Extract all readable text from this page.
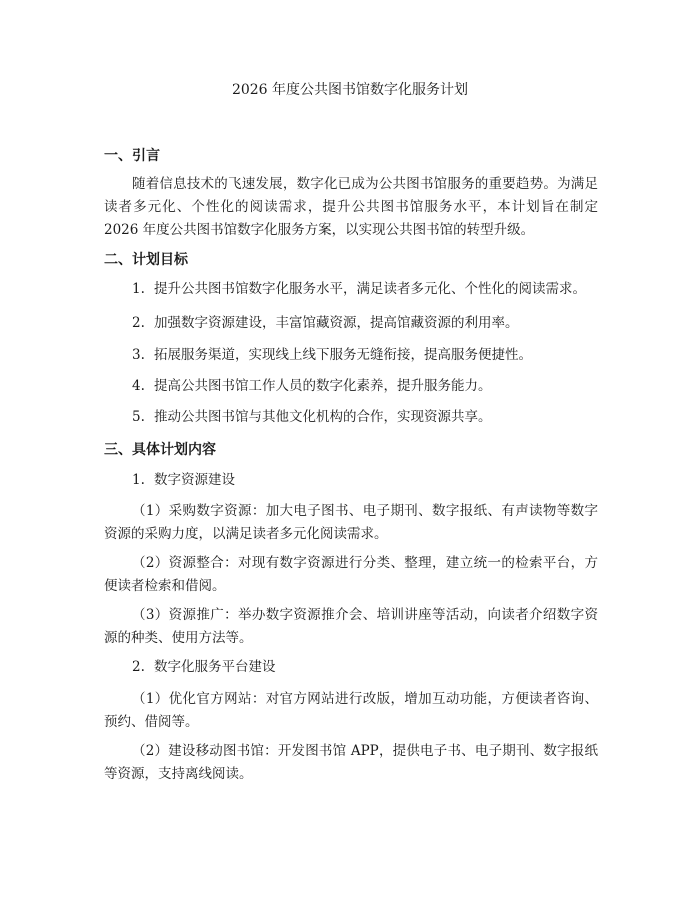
2026 年度公共图书馆数字化服务计划
一、引言
随着信息技术的飞速发展，数字化已成为公共图书馆服务的重要趋势。为满足读者多元化、个性化的阅读需求，提升公共图书馆服务水平，本计划旨在制定 2026 年度公共图书馆数字化服务方案，以实现公共图书馆的转型升级。
二、计划目标
1. 提升公共图书馆数字化服务水平，满足读者多元化、个性化的阅读需求。
2. 加强数字资源建设，丰富馆藏资源，提高馆藏资源的利用率。
3. 拓展服务渠道，实现线上线下服务无缝衔接，提高服务便捷性。
4. 提高公共图书馆工作人员的数字化素养，提升服务能力。
5. 推动公共图书馆与其他文化机构的合作，实现资源共享。
三、具体计划内容
1. 数字资源建设
（1）采购数字资源：加大电子图书、电子期刊、数字报纸、有声读物等数字资源的采购力度，以满足读者多元化阅读需求。
（2）资源整合：对现有数字资源进行分类、整理，建立统一的检索平台，方便读者检索和借阅。
（3）资源推广：举办数字资源推介会、培训讲座等活动，向读者介绍数字资源的种类、使用方法等。
2. 数字化服务平台建设
（1）优化官方网站：对官方网站进行改版，增加互动功能，方便读者咨询、预约、借阅等。
（2）建设移动图书馆：开发图书馆 APP，提供电子书、电子期刊、数字报纸等资源，支持离线阅读。
